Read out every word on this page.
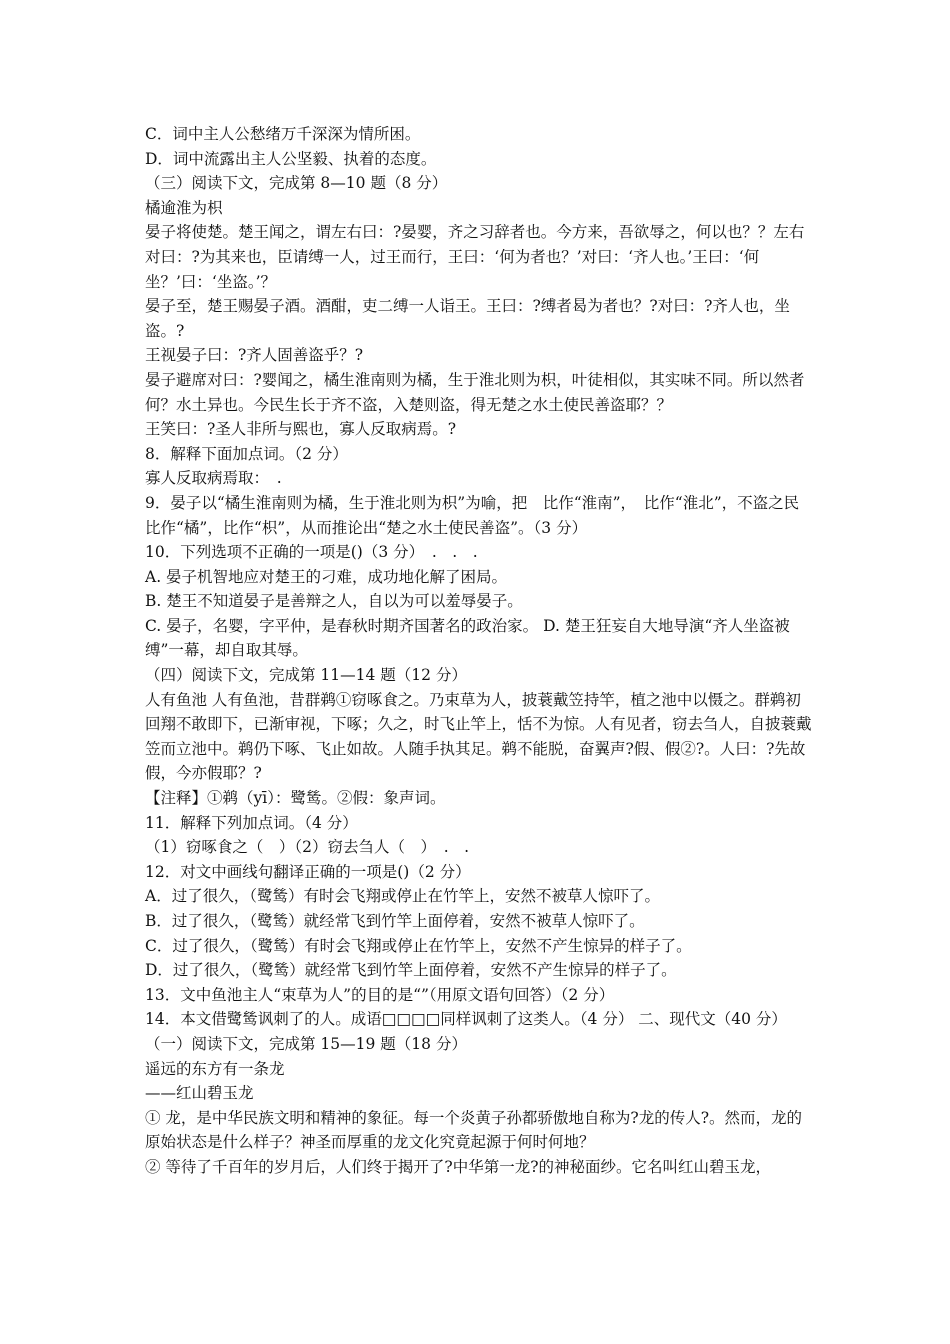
C．词中主人公愁绪万千深深为情所困。

D．词中流露出主人公坚毅、执着的态度。

（三）阅读下文，完成第 8—10 题（8 分）

橘逾淮为枳

晏子将使楚。楚王闻之，谓左右曰：?晏婴，齐之习辞者也。今方来，吾欲辱之，何以也？？左右对曰：?为其来也，臣请缚一人，过王而行，王曰：‘何为者也？’对曰：‘齐人也。’王曰：‘何坐？’曰：‘坐盗。’？

晏子至，楚王赐晏子酒。酒酣，吏二缚一人诣王。王曰：?缚者曷为者也？?对曰：?齐人也，坐盗。?

王视晏子曰：?齐人固善盗乎？?

晏子避席对曰：?婴闻之，橘生淮南则为橘，生于淮北则为枳，叶徒相似，其实味不同。所以然者何？水土异也。今民生长于齐不盗，入楚则盗，得无楚之水土使民善盗耶？？

王笑曰：?圣人非所与熙也，寡人反取病焉。?

8．解释下面加点词。（2 分）

寡人反取病焉取：　.

9．晏子以“橘生淮南则为橘，生于淮北则为枳”为喻，把　比作“淮南”，　比作“淮北”，不盗之民比作“橘”，比作“枳”，从而推论出“楚之水土使民善盗”。（3 分）

10．下列选项不正确的一项是()（3 分）　.　.　.

A. 晏子机智地应对楚王的刁难，成功地化解了困局。

B. 楚王不知道晏子是善辩之人，自以为可以羞辱晏子。

C. 晏子，名婴，字平仲，是春秋时期齐国著名的政治家。 D. 楚王狂妄自大地导演“齐人坐盗被缚”一幕，却自取其辱。

（四）阅读下文，完成第 11—14 题（12 分）

人有鱼池 人有鱼池，昔群鹈①窃啄食之。乃束草为人，披蓑戴笠持竿，植之池中以慑之。群鹈初回翔不敢即下，已渐审视，下啄；久之，时飞止竿上，恬不为惊。人有见者，窃去刍人，自披蓑戴笠而立池中。鹈仍下啄、飞止如故。人随手执其足。鹈不能脱，奋翼声?假、假②?。人曰：?先故假，今亦假耶？?

【注释】①鹈（yī）：鹭鸶。②假：象声词。

11．解释下列加点词。（4 分）

（1）窃啄食之（　）（2）窃去刍人（　）　.　.

12．对文中画线句翻译正确的一项是()（2 分）

A．过了很久，（鹭鸶）有时会飞翔或停止在竹竿上，安然不被草人惊吓了。

B．过了很久，（鹭鸶）就经常飞到竹竿上面停着，安然不被草人惊吓了。

C．过了很久，（鹭鸶）有时会飞翔或停止在竹竿上，安然不产生惊异的样子了。

D．过了很久，（鹭鸶）就经常飞到竹竿上面停着，安然不产生惊异的样子了。

13．文中鱼池主人“束草为人”的目的是“”（用原文语句回答）（2 分）

14．本文借鹭鸶讽刺了的人。成语□□□□同样讽刺了这类人。（4 分） 二、现代文（40 分）

（一）阅读下文，完成第 15—19 题（18 分）

遥远的东方有一条龙

——红山碧玉龙

① 龙，是中华民族文明和精神的象征。每一个炎黄子孙都骄傲地自称为?龙的传人?。然而，龙的原始状态是什么样子？神圣而厚重的龙文化究竟起源于何时何地？

② 等待了千百年的岁月后，人们终于揭开了?中华第一龙?的神秘面纱。它名叫红山碧玉龙，
